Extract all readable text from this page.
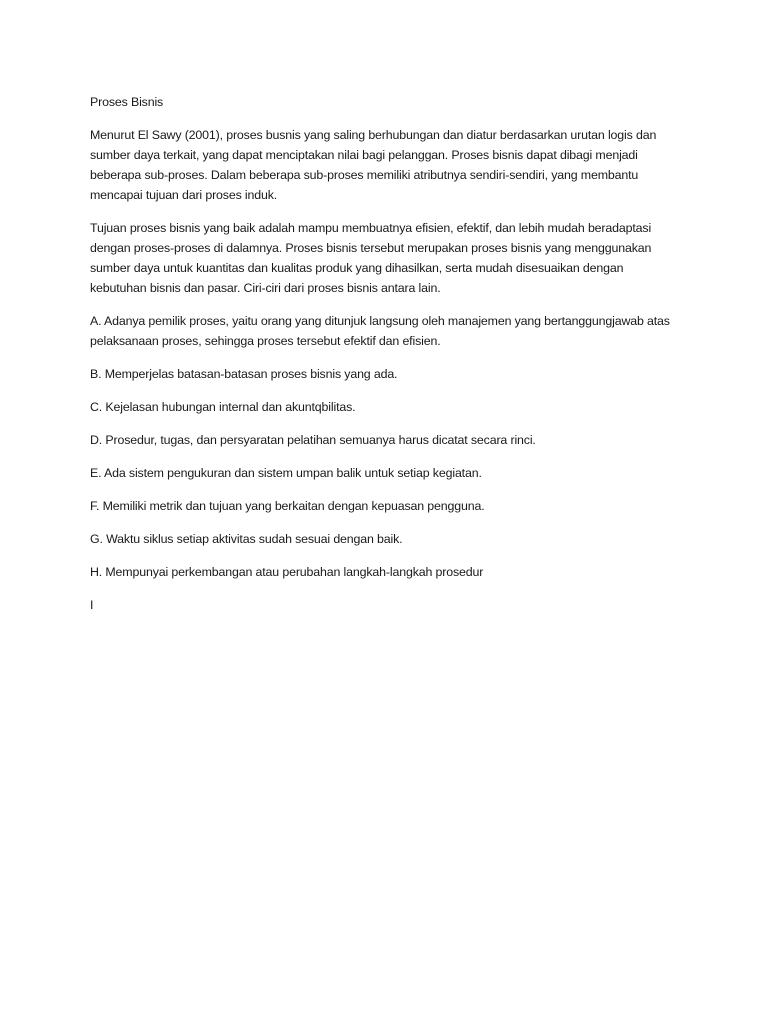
Proses Bisnis

Menurut El Sawy (2001), proses busnis yang saling berhubungan dan diatur berdasarkan urutan logis dan sumber daya terkait, yang dapat menciptakan nilai bagi pelanggan. Proses bisnis dapat dibagi menjadi beberapa sub-proses. Dalam beberapa sub-proses memiliki atributnya sendiri-sendiri, yang membantu mencapai tujuan dari proses induk.

Tujuan proses bisnis yang baik adalah mampu membuatnya efisien, efektif, dan lebih mudah beradaptasi dengan proses-proses di dalamnya. Proses bisnis tersebut merupakan proses bisnis yang menggunakan sumber daya untuk kuantitas dan kualitas produk yang dihasilkan, serta mudah disesuaikan dengan kebutuhan bisnis dan pasar. Ciri-ciri dari proses bisnis antara lain.

A. Adanya pemilik proses, yaitu orang yang ditunjuk langsung oleh manajemen yang bertanggungjawab atas pelaksanaan proses, sehingga proses tersebut efektif dan efisien.

B. Memperjelas batasan-batasan proses bisnis yang ada.

C. Kejelasan hubungan internal dan akuntqbilitas.

D. Prosedur, tugas, dan persyaratan pelatihan semuanya harus dicatat secara rinci.

E. Ada sistem pengukuran dan sistem umpan balik untuk setiap kegiatan.

F. Memiliki metrik dan tujuan yang berkaitan dengan kepuasan pengguna.

G. Waktu siklus setiap aktivitas sudah sesuai dengan baik.

H. Mempunyai perkembangan atau perubahan langkah-langkah prosedur

I
